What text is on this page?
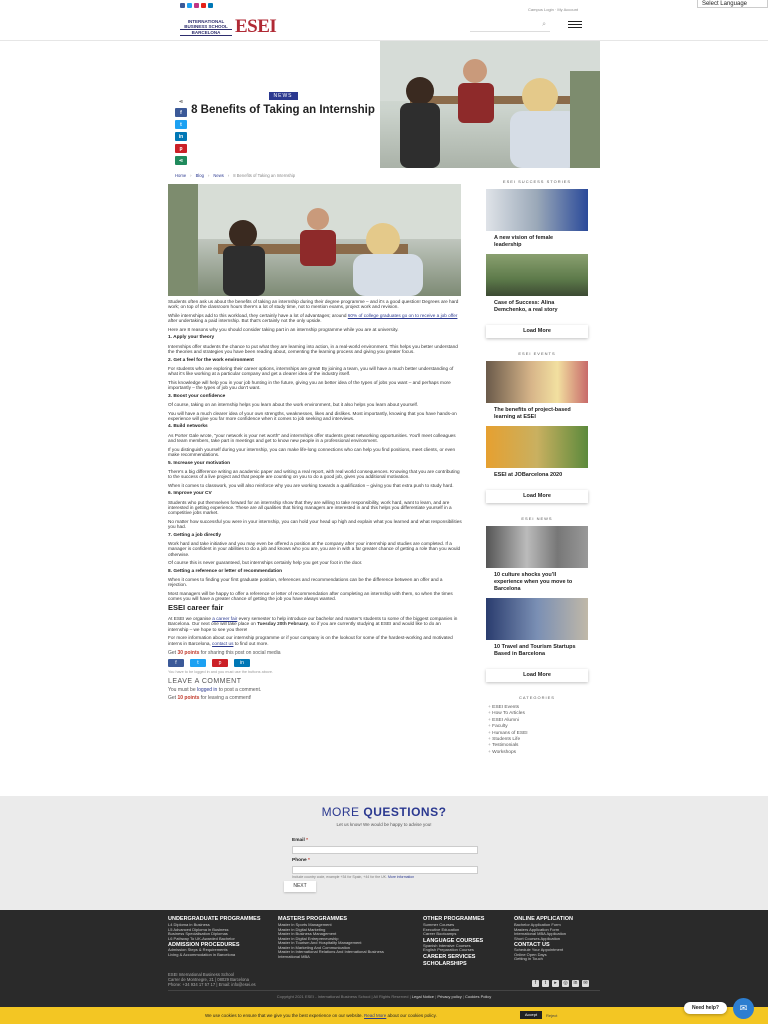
Campus Login · My Account
Select Language
INTERNATIONAL
BUSINESS SCHOOL
BARCELONA ESEI	⌕
NEWS
8 Benefits of Taking an Internship
⋖
f
t
in
p
⋖
Home › Blog › News › 8 Benefits of Taking an Internship

Students often ask us about the benefits of taking an internship during their degree programme – and it's a good question! Degrees are hard work; on top of the classroom hours there's a lot of study time, not to mention exams, project work and revision.

While internships add to this workload, they certainly have a lot of advantages; around 60% of college graduates go on to receive a job offer after undertaking a paid internship. But that's certainly not the only upside.

Here are 8 reasons why you should consider taking part in an internship programme while you are at university.

1. Apply your theory

Internships offer students the chance to put what they are learning into action, in a real-world environment. This helps you better understand the theories and strategies you have been reading about, cementing the learning process and giving you greater focus.

2. Get a feel for the work environment

For students who are exploring their career options, internships are great! By joining a team, you will have a much better understanding of what it's like working at a particular company and get a clearer idea of the industry itself.

This knowledge will help you in your job hunting in the future, giving you an better idea of the types of jobs you want – and perhaps more importantly – the types of job you don't want.

3. Boost your confidence

Of course, taking on an internship helps you learn about the work environment, but it also helps you learn about yourself.

You will have a much clearer idea of your own strengths, weaknesses, likes and dislikes. Most importantly, knowing that you have hands-on experience will give you far more confidence when it comes to job seeking and interviews.

4. Build networks

As Porter Gale wrote, "your network is your net worth" and internships offer students great networking opportunities. You'll meet colleagues and team members, take part in meetings and get to know new people in a professional environment.

If you distinguish yourself during your internship, you can make life-long connections who can help you find positions, meet clients, or even make recommendations.

5. Increase your motivation

There's a big difference writing an academic paper and writing a real report, with real world consequences. Knowing that you are contributing to the success of a live project and that people are counting on you to do a good job, gives you additional motivation.

When it comes to classwork, you will also reinforce why you are working towards a qualification – giving you that extra push to study hard.

6. Improve your CV

Students who put themselves forward for an internship show that they are willing to take responsibility, work hard, want to learn, and are interested in getting experience. These are all qualities that hiring managers are interested in and this helps you differentiate yourself in a competitive jobs market.

No matter how successful you were in your internship, you can hold your head up high and explain what you learned and what responsibilities you had.

7. Getting a job directly

Work hard and take initiative and you may even be offered a position at the company after your internship and studies are completed. If a manager is confident in your abilities to do a job and knows who you are, you are in with a far greater chance of getting a role than you would otherwise.

Of course this is never guaranteed, but internships certainly help you get your foot in the door.

8. Getting a reference or letter of recommendation

When it comes to finding your first graduate position, references and recommendations can be the difference between an offer and a rejection.

Most managers will be happy to offer a reference or letter of recommendation after completing an internship with them, so when the times comes you will have a greater chance of getting the job you have always wanted.

ESEI career fair

At ESEI we organise a career fair every semester to help introduce our bachelor and master's students to some of the biggest companies in Barcelona. Our next one will take place on Tuesday 20th February, so if you are currently studying at ESEI and would like to do an internship – we hope to see you there!

For more information about our internship programme or if your company is on the lookout for some of the hardest-working and motivated interns in Barcelona, contact us to find out more.

Get 30 points for sharing this post on social media
f	t	p	in
You have to be logged in and you must use the buttons above.
LEAVE A COMMENT
You must be logged in to post a comment.
Get 10 points for leaving a comment!
ESEI SUCCESS STORIES
A new vision of female leadership
Case of Success: Alina Demchenko, a real story
Load More
ESEI EVENTS
The benefits of project-based learning at ESEI
ESEI at JOBarcelona 2020
Load More
ESEI NEWS
10 culture shocks you'll experience when you move to Barcelona
10 Travel and Tourism Startups Based in Barcelona
Load More
CATEGORIES
+ ESEI Events
+ How To Articles
+ ESEI Alumni
+ Faculty
+ Humans of ESEI
+ Students Life
+ Testimonials
+ Workshops
MORE QUESTIONS?
Let us know! We would be happy to advise you!
Email *
Phone *
Include country code, example +34 for Spain, +44 for the UK. More information
NEXT
UNDERGRADUATE PROGRAMMES
L4 Diploma in Business
L5 Advanced Diploma in Business
Business Specialisation Diplomas
L6 Pathway To UK-Awarded Bachelor
ADMISSION PROCEDURES
Admission Steps & Requirements
Living & Accommodation in Barcelona
MASTERS PROGRAMMES
Master in Sports Management
Master in Digital Marketing
Master in Business Management
Master in Digital Entrepreneurship
Master in Tourism And Hospitality Management
Master in Marketing And Communication
Master in International Relations And International Business
International MBA
OTHER PROGRAMMES
Summer Courses
Executive Education
Career Bootcamps
LANGUAGE COURSES
Spanish Intensive Courses
English Preparation Courses
CAREER SERVICES
SCHOLARSHIPS
ONLINE APPLICATION
Bachelor Application Form
Masters Application Form
International MBA Application
Short Courses Application
CONTACT US
Schedule Your Appointment
Online Open Days
Getting in Touch
ESEI International Business School
Carrer de Montnegre, 21 | 08029 Barcelona
Phone: +34 934 17 57 17 | Email: info@esei.es	f	t	▸	◎	in	✉
Copyright 2021 ESEI - International Business School | All Rights Reserved | Legal Notice | Privacy policy | Cookies Policy
We use cookies to ensure that we give you the best experience on our website. Read More about our cookies policy.	Accept	Reject
Need help?	✉
